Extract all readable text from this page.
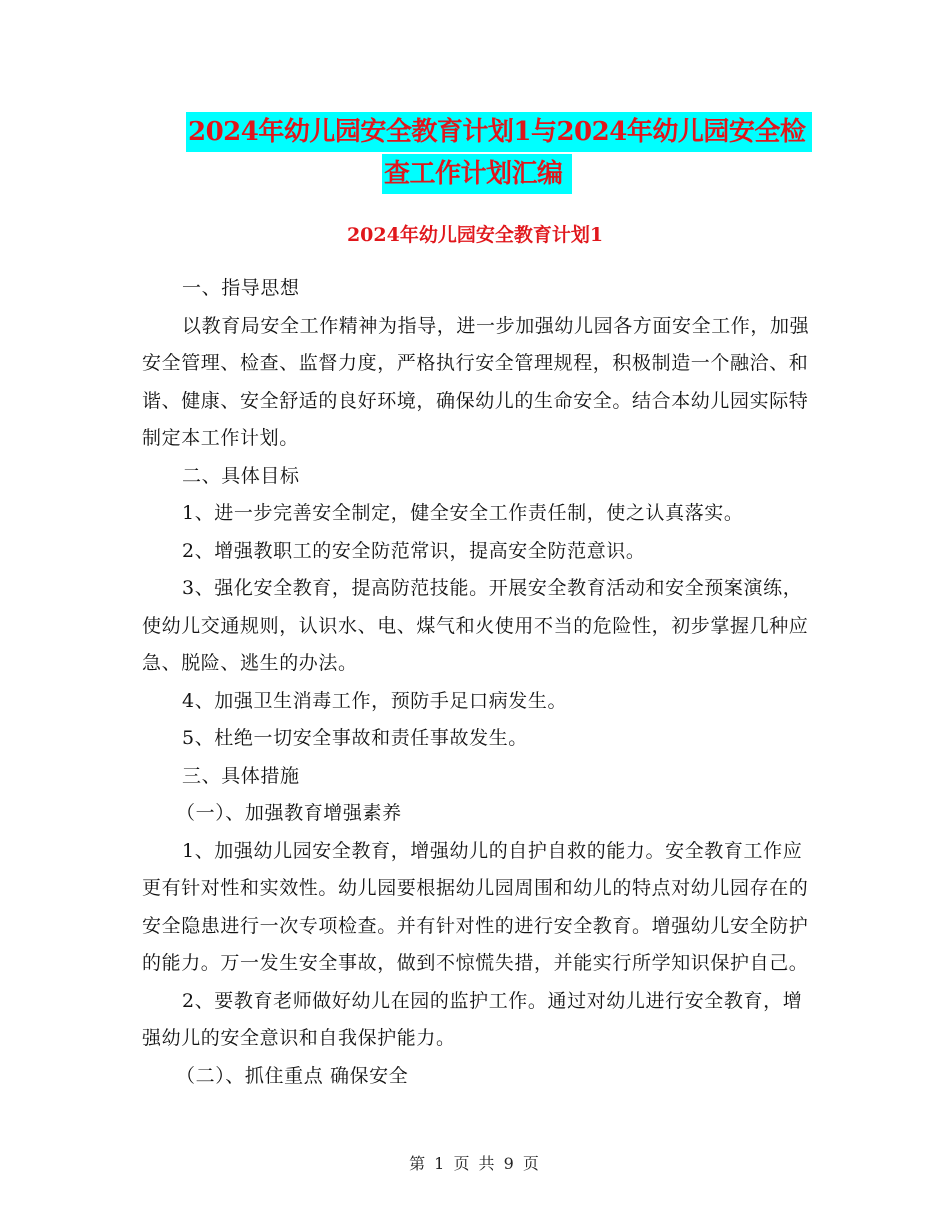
2024年幼儿园安全教育计划1与2024年幼儿园安全检
查工作计划汇编
2024年幼儿园安全教育计划1

一、指导思想

以教育局安全工作精神为指导，进一步加强幼儿园各方面安全工作，加强安全管理、检查、监督力度，严格执行安全管理规程，积极制造一个融洽、和谐、健康、安全舒适的良好环境，确保幼儿的生命安全。结合本幼儿园实际特制定本工作计划。

二、具体目标

1、进一步完善安全制定，健全安全工作责任制，使之认真落实。

2、增强教职工的安全防范常识，提高安全防范意识。

3、强化安全教育，提高防范技能。开展安全教育活动和安全预案演练，使幼儿交通规则，认识水、电、煤气和火使用不当的危险性，初步掌握几种应急、脱险、逃生的办法。

4、加强卫生消毒工作，预防手足口病发生。

5、杜绝一切安全事故和责任事故发生。

三、具体措施

（一）、加强教育增强素养

1、加强幼儿园安全教育，增强幼儿的自护自救的能力。安全教育工作应更有针对性和实效性。幼儿园要根据幼儿园周围和幼儿的特点对幼儿园存在的安全隐患进行一次专项检查。并有针对性的进行安全教育。增强幼儿安全防护的能力。万一发生安全事故，做到不惊慌失措，并能实行所学知识保护自己。

2、要教育老师做好幼儿在园的监护工作。通过对幼儿进行安全教育，增强幼儿的安全意识和自我保护能力。

（二）、抓住重点 确保安全

第 1 页 共 9 页
